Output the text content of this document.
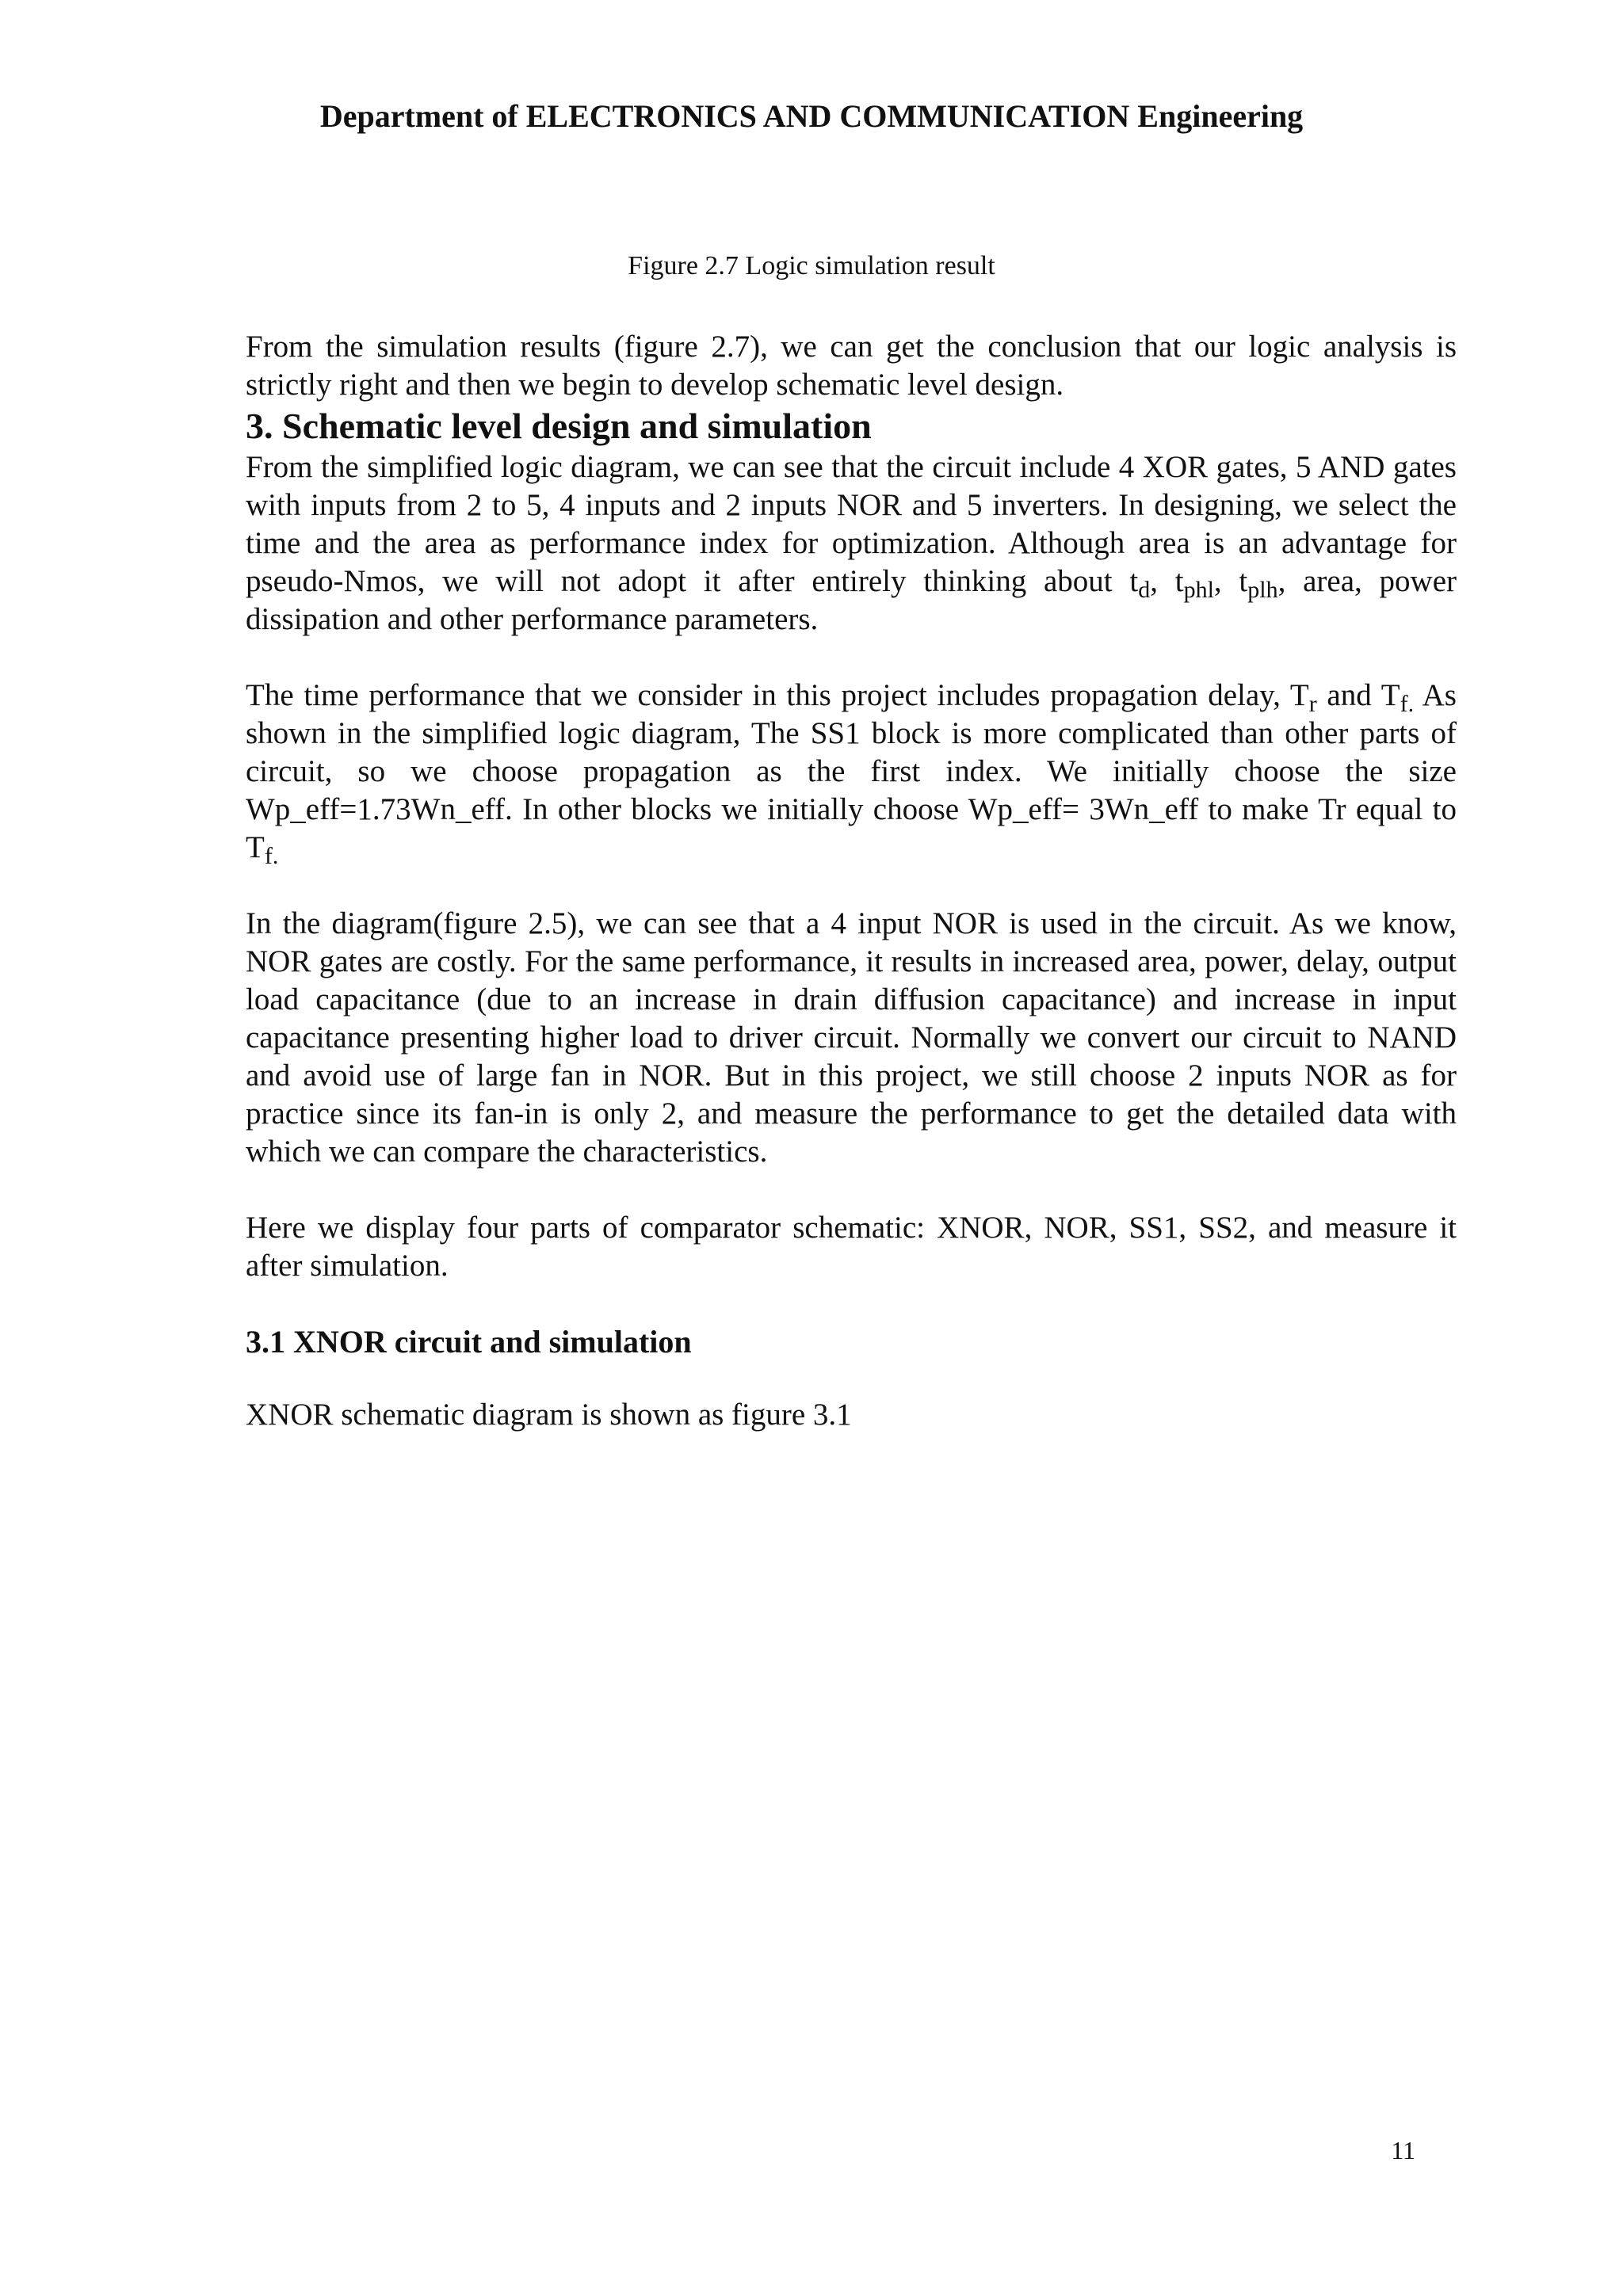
Department of ELECTRONICS AND COMMUNICATION Engineering
Figure 2.7 Logic simulation result

From the simulation results (figure 2.7), we can get the conclusion that our logic analysis is strictly right and then we begin to develop schematic level design.

3. Schematic level design and simulation

From the simplified logic diagram, we can see that the circuit include 4 XOR gates, 5 AND gates with inputs from 2 to 5, 4 inputs and 2 inputs NOR and 5 inverters. In designing, we select the time and the area as performance index for optimization. Although area is an advantage for pseudo-Nmos, we will not adopt it after entirely thinking about $t_d$, $t_{phl}$, $t_{plh}$, area, power dissipation and other performance parameters.

The time performance that we consider in this project includes propagation delay, $T_r$ and $T_{f.}$ As shown in the simplified logic diagram, The SS1 block is more complicated than other parts of circuit, so we choose propagation as the first index. We initially choose the size Wp_eff=1.73Wn_eff. In other blocks we initially choose Wp_eff= 3Wn_eff to make Tr equal to $T_{f.}$

In the diagram(figure 2.5), we can see that a 4 input NOR is used in the circuit. As we know, NOR gates are costly. For the same performance, it results in increased area, power, delay, output load capacitance (due to an increase in drain diffusion capacitance) and increase in input capacitance presenting higher load to driver circuit. Normally we convert our circuit to NAND and avoid use of large fan in NOR. But in this project, we still choose 2 inputs NOR as for practice since its fan-in is only 2, and measure the performance to get the detailed data with which we can compare the characteristics.

Here we display four parts of comparator schematic: XNOR, NOR, SS1, SS2, and measure it after simulation.

3.1 XNOR circuit and simulation

XNOR schematic diagram is shown as figure 3.1

11
